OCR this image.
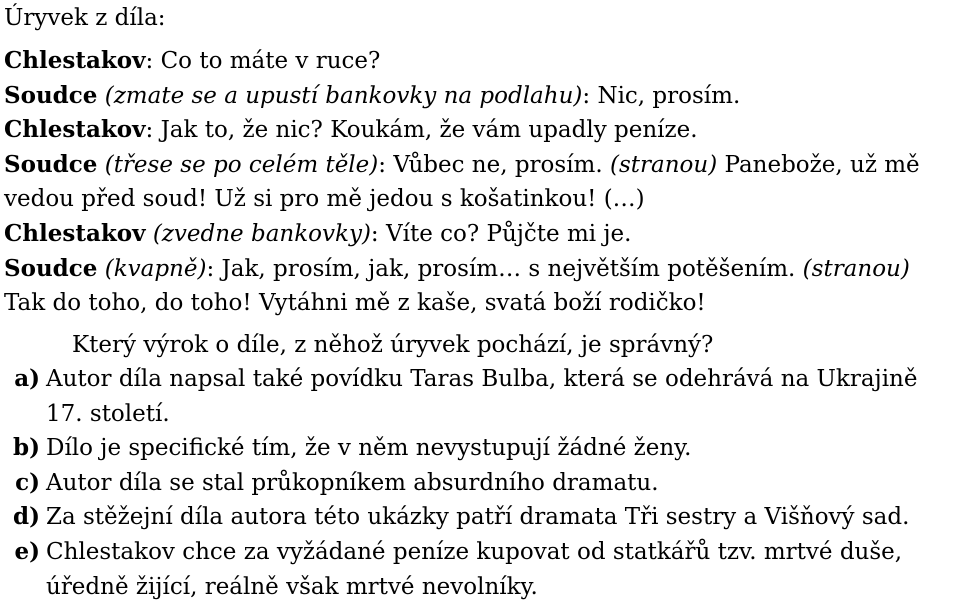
Úryvek z díla:
Chlestakov: Co to máte v ruce?
Soudce (zmate se a upustí bankovky na podlahu): Nic, prosím.
Chlestakov: Jak to, že nic? Koukám, že vám upadly peníze.
Soudce (třese se po celém těle): Vůbec ne, prosím. (stranou) Panebože, už mě
vedou před soud! Už si pro mě jedou s košatinkou! (…)
Chlestakov (zvedne bankovky): Víte co? Půjčte mi je.
Soudce (kvapně): Jak, prosím, jak, prosím… s největším potěšením. (stranou)
Tak do toho, do toho! Vytáhni mě z kaše, svatá boží rodičko!
Který výrok o díle, z něhož úryvek pochází, je správný?
a) Autor díla napsal také povídku Taras Bulba, která se odehrává na Ukrajině
17. století.
b) Dílo je specifické tím, že v něm nevystupují žádné ženy.
c) Autor díla se stal průkopníkem absurdního dramatu.
d) Za stěžejní díla autora této ukázky patří dramata Tři sestry a Višňový sad.
e) Chlestakov chce za vyžádané peníze kupovat od statkářů tzv. mrtvé duše,
úředně žijící, reálně však mrtvé nevolníky.
